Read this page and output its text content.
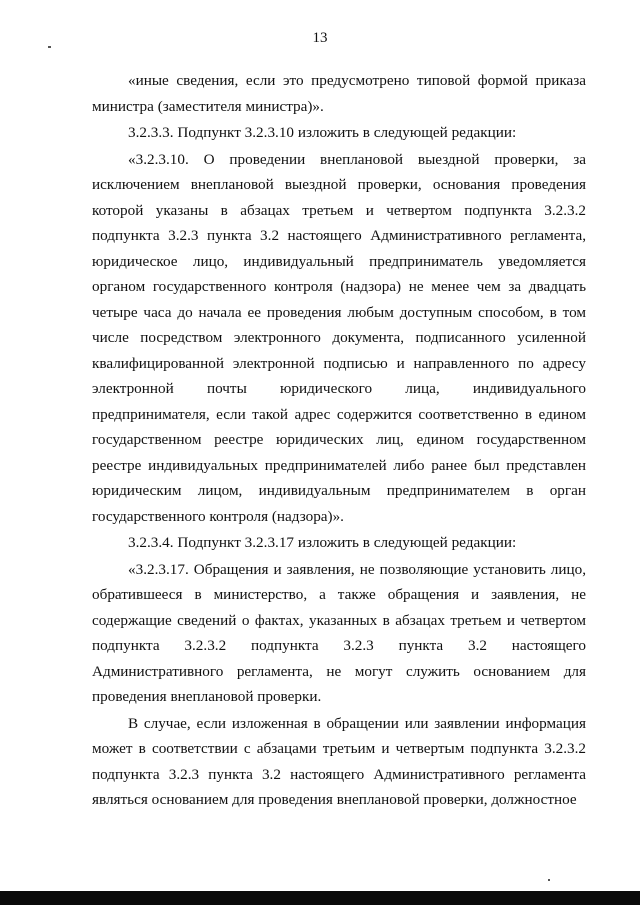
13

«иные сведения, если это предусмотрено типовой формой приказа министра (заместителя министра)».

3.2.3.3. Подпункт 3.2.3.10 изложить в следующей редакции:

«3.2.3.10. О проведении внеплановой выездной проверки, за исключением внеплановой выездной проверки, основания проведения которой указаны в абзацах третьем и четвертом подпункта 3.2.3.2 подпункта 3.2.3 пункта 3.2 настоящего Административного регламента, юридическое лицо, индивидуальный предприниматель уведомляется органом государственного контроля (надзора) не менее чем за двадцать четыре часа до начала ее проведения любым доступным способом, в том числе посредством электронного документа, подписанного усиленной квалифицированной электронной подписью и направленного по адресу электронной почты юридического лица, индивидуального предпринимателя, если такой адрес содержится соответственно в едином государственном реестре юридических лиц, едином государственном реестре индивидуальных предпринимателей либо ранее был представлен юридическим лицом, индивидуальным предпринимателем в орган государственного контроля (надзора)».

3.2.3.4. Подпункт 3.2.3.17 изложить в следующей редакции:

«3.2.3.17. Обращения и заявления, не позволяющие установить лицо, обратившееся в министерство, а также обращения и заявления, не содержащие сведений о фактах, указанных в абзацах третьем и четвертом подпункта 3.2.3.2 подпункта 3.2.3 пункта 3.2 настоящего Административного регламента, не могут служить основанием для проведения внеплановой проверки.

В случае, если изложенная в обращении или заявлении информация может в соответствии с абзацами третьим и четвертым подпункта 3.2.3.2 подпункта 3.2.3 пункта 3.2 настоящего Административного регламента являться основанием для проведения внеплановой проверки, должностное
